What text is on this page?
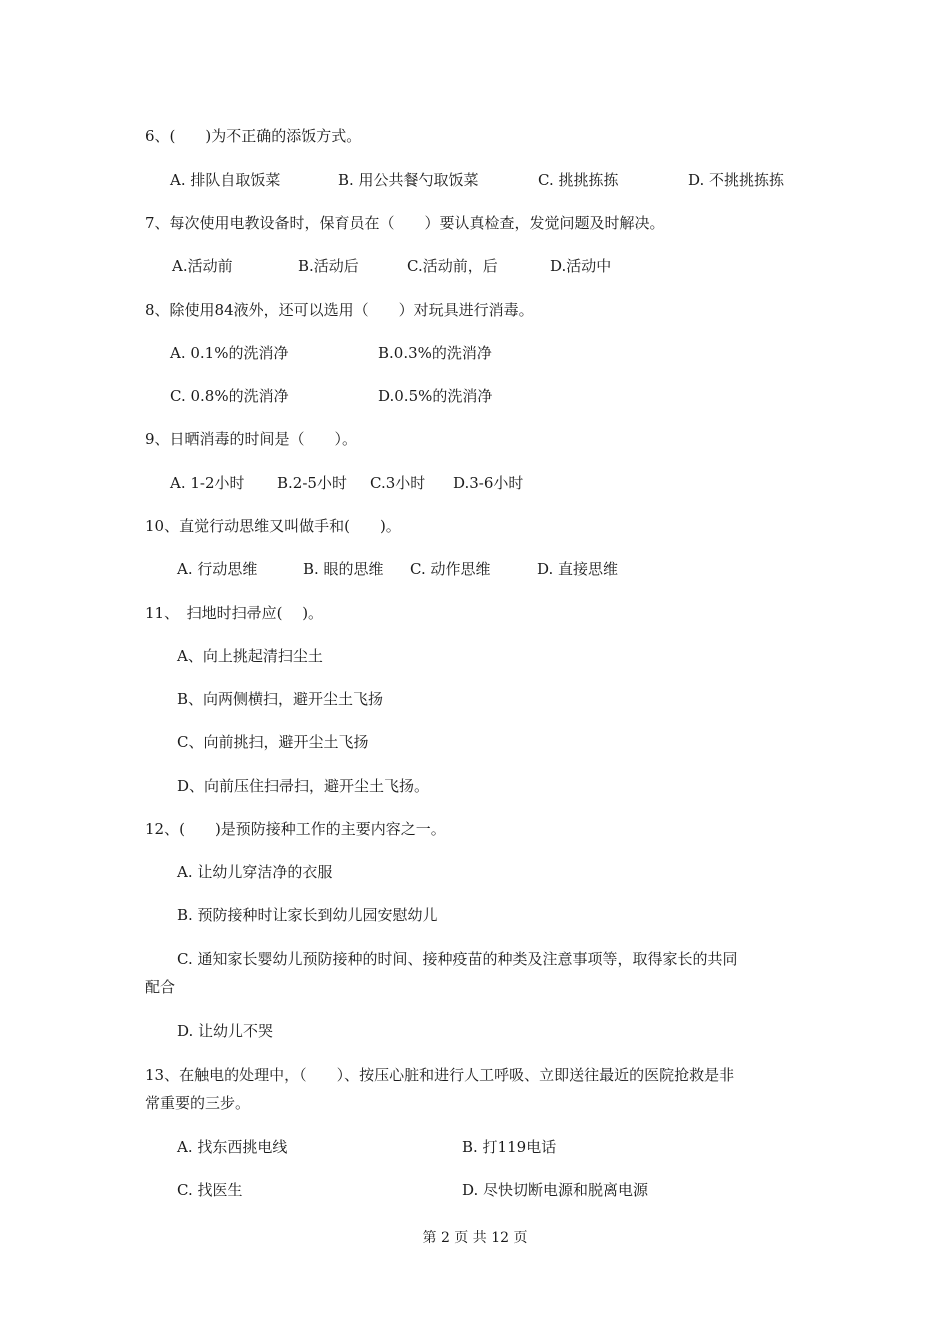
6、(　　)为不正确的添饭方式。
A. 排队自取饭菜	B. 用公共餐勺取饭菜	C. 挑挑拣拣	D. 不挑挑拣拣
7、每次使用电教设备时，保育员在（　　）要认真检查，发觉问题及时解决。
A.活动前	B.活动后	C.活动前，后	D.活动中
8、除使用84液外，还可以选用（　　）对玩具进行消毒。
A. 0.1%的洗消净	B.0.3%的洗消净
C. 0.8%的洗消净	D.0.5%的洗消净
9、日晒消毒的时间是（　　）。
A. 1-2小时 B.2-5小时 C.3小时 D.3-6小时
10、直觉行动思维又叫做手和(　　)。
A. 行动思维	B. 眼的思维 C. 动作思维	D. 直接思维
11、　扫地时扫帚应(　 )。
A、向上挑起清扫尘土
B、向两侧横扫，避开尘土飞扬
C、向前挑扫，避开尘土飞扬
D、向前压住扫帚扫，避开尘土飞扬。
12、(　　)是预防接种工作的主要内容之一。
A. 让幼儿穿洁净的衣服
B. 预防接种时让家长到幼儿园安慰幼儿
C. 通知家长婴幼儿预防接种的时间、接种疫苗的种类及注意事项等，取得家长的共同
配合
D. 让幼儿不哭
13、在触电的处理中，（　　）、按压心脏和进行人工呼吸、立即送往最近的医院抢救是非
常重要的三步。
A. 找东西挑电线	B. 打119电话
C. 找医生	D. 尽快切断电源和脱离电源
第 2 页 共 12 页
